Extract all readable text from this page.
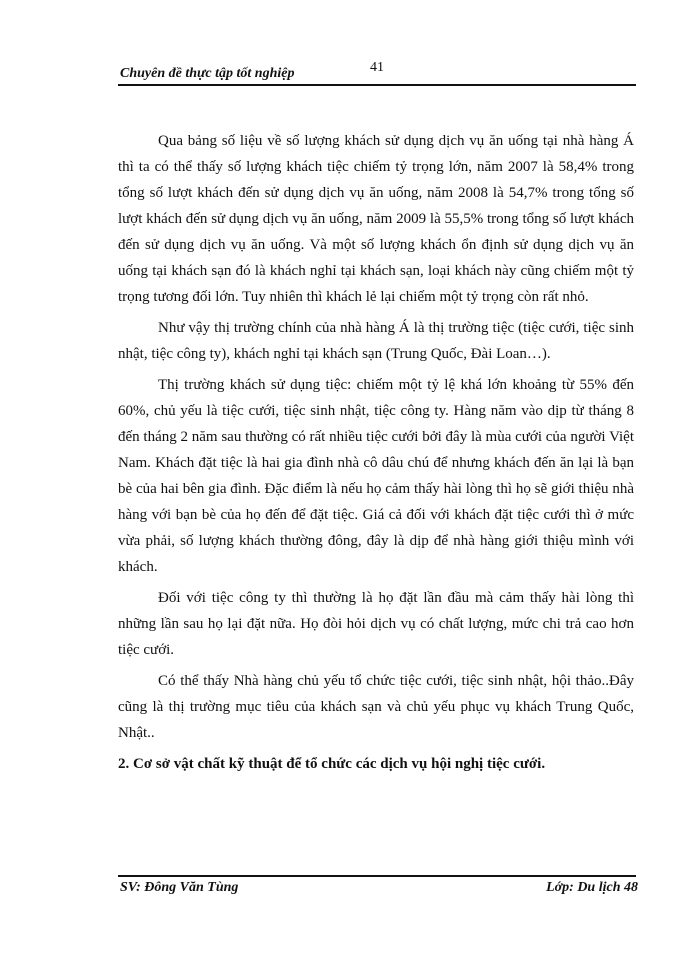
41
Chuyên đề thực tập tốt nghiệp

Qua bảng số liệu về số lượng khách sử dụng dịch vụ ăn uống tại nhà hàng Á thì ta có thể thấy số lượng khách tiệc chiếm tỷ trọng lớn, năm 2007 là 58,4% trong tổng số lượt khách đến sử dụng dịch vụ ăn uống, năm 2008 là 54,7% trong tổng số lượt khách đến sử dụng dịch vụ ăn uống, năm 2009 là 55,5% trong tổng số lượt khách đến sử dụng dịch vụ ăn uống. Và một số lượng khách ổn định sử dụng dịch vụ ăn uống tại khách sạn đó là khách nghỉ tại khách sạn, loại khách này cũng chiếm một tỷ trọng tương đối lớn. Tuy nhiên thì khách lẻ lại chiếm một tỷ trọng còn rất nhỏ.

Như vậy thị trường chính của nhà hàng Á là thị trường tiệc (tiệc cưới, tiệc sinh nhật, tiệc công ty), khách nghỉ tại khách sạn (Trung Quốc, Đài Loan…).

Thị trường khách sử dụng tiệc: chiếm một tỷ lệ khá lớn khoảng từ 55% đến 60%, chủ yếu là tiệc cưới, tiệc sinh nhật, tiệc công ty. Hàng năm vào dịp từ tháng 8 đến tháng 2 năm sau thường có rất nhiều tiệc cưới bởi đây là mùa cưới của người Việt Nam. Khách đặt tiệc là hai gia đình nhà cô dâu chú để nhưng khách đến ăn lại là bạn bè của hai bên gia đình. Đặc điểm là nếu họ cảm thấy hài lòng thì họ sẽ giới thiệu nhà hàng với bạn bè của họ đến để đặt tiệc. Giá cả đối với khách đặt tiệc cưới thì ở mức vừa phải, số lượng khách thường đông, đây là dịp để nhà hàng giới thiệu mình với khách.

Đối với tiệc công ty thì thường là họ đặt lần đầu mà cảm thấy hài lòng thì những lần sau họ lại đặt nữa. Họ đòi hỏi dịch vụ có chất lượng, mức chi trả cao hơn tiệc cưới.

Có thể thấy Nhà hàng chủ yếu tổ chức tiệc cưới, tiệc sinh nhật, hội thảo..Đây cũng là thị trường mục tiêu của khách sạn và chủ yếu phục vụ khách Trung Quốc, Nhật..

2. Cơ sở vật chất kỹ thuật để tổ chức các dịch vụ hội nghị tiệc cưới.

SV: Đông Văn Tùng	Lớp: Du lịch 48
